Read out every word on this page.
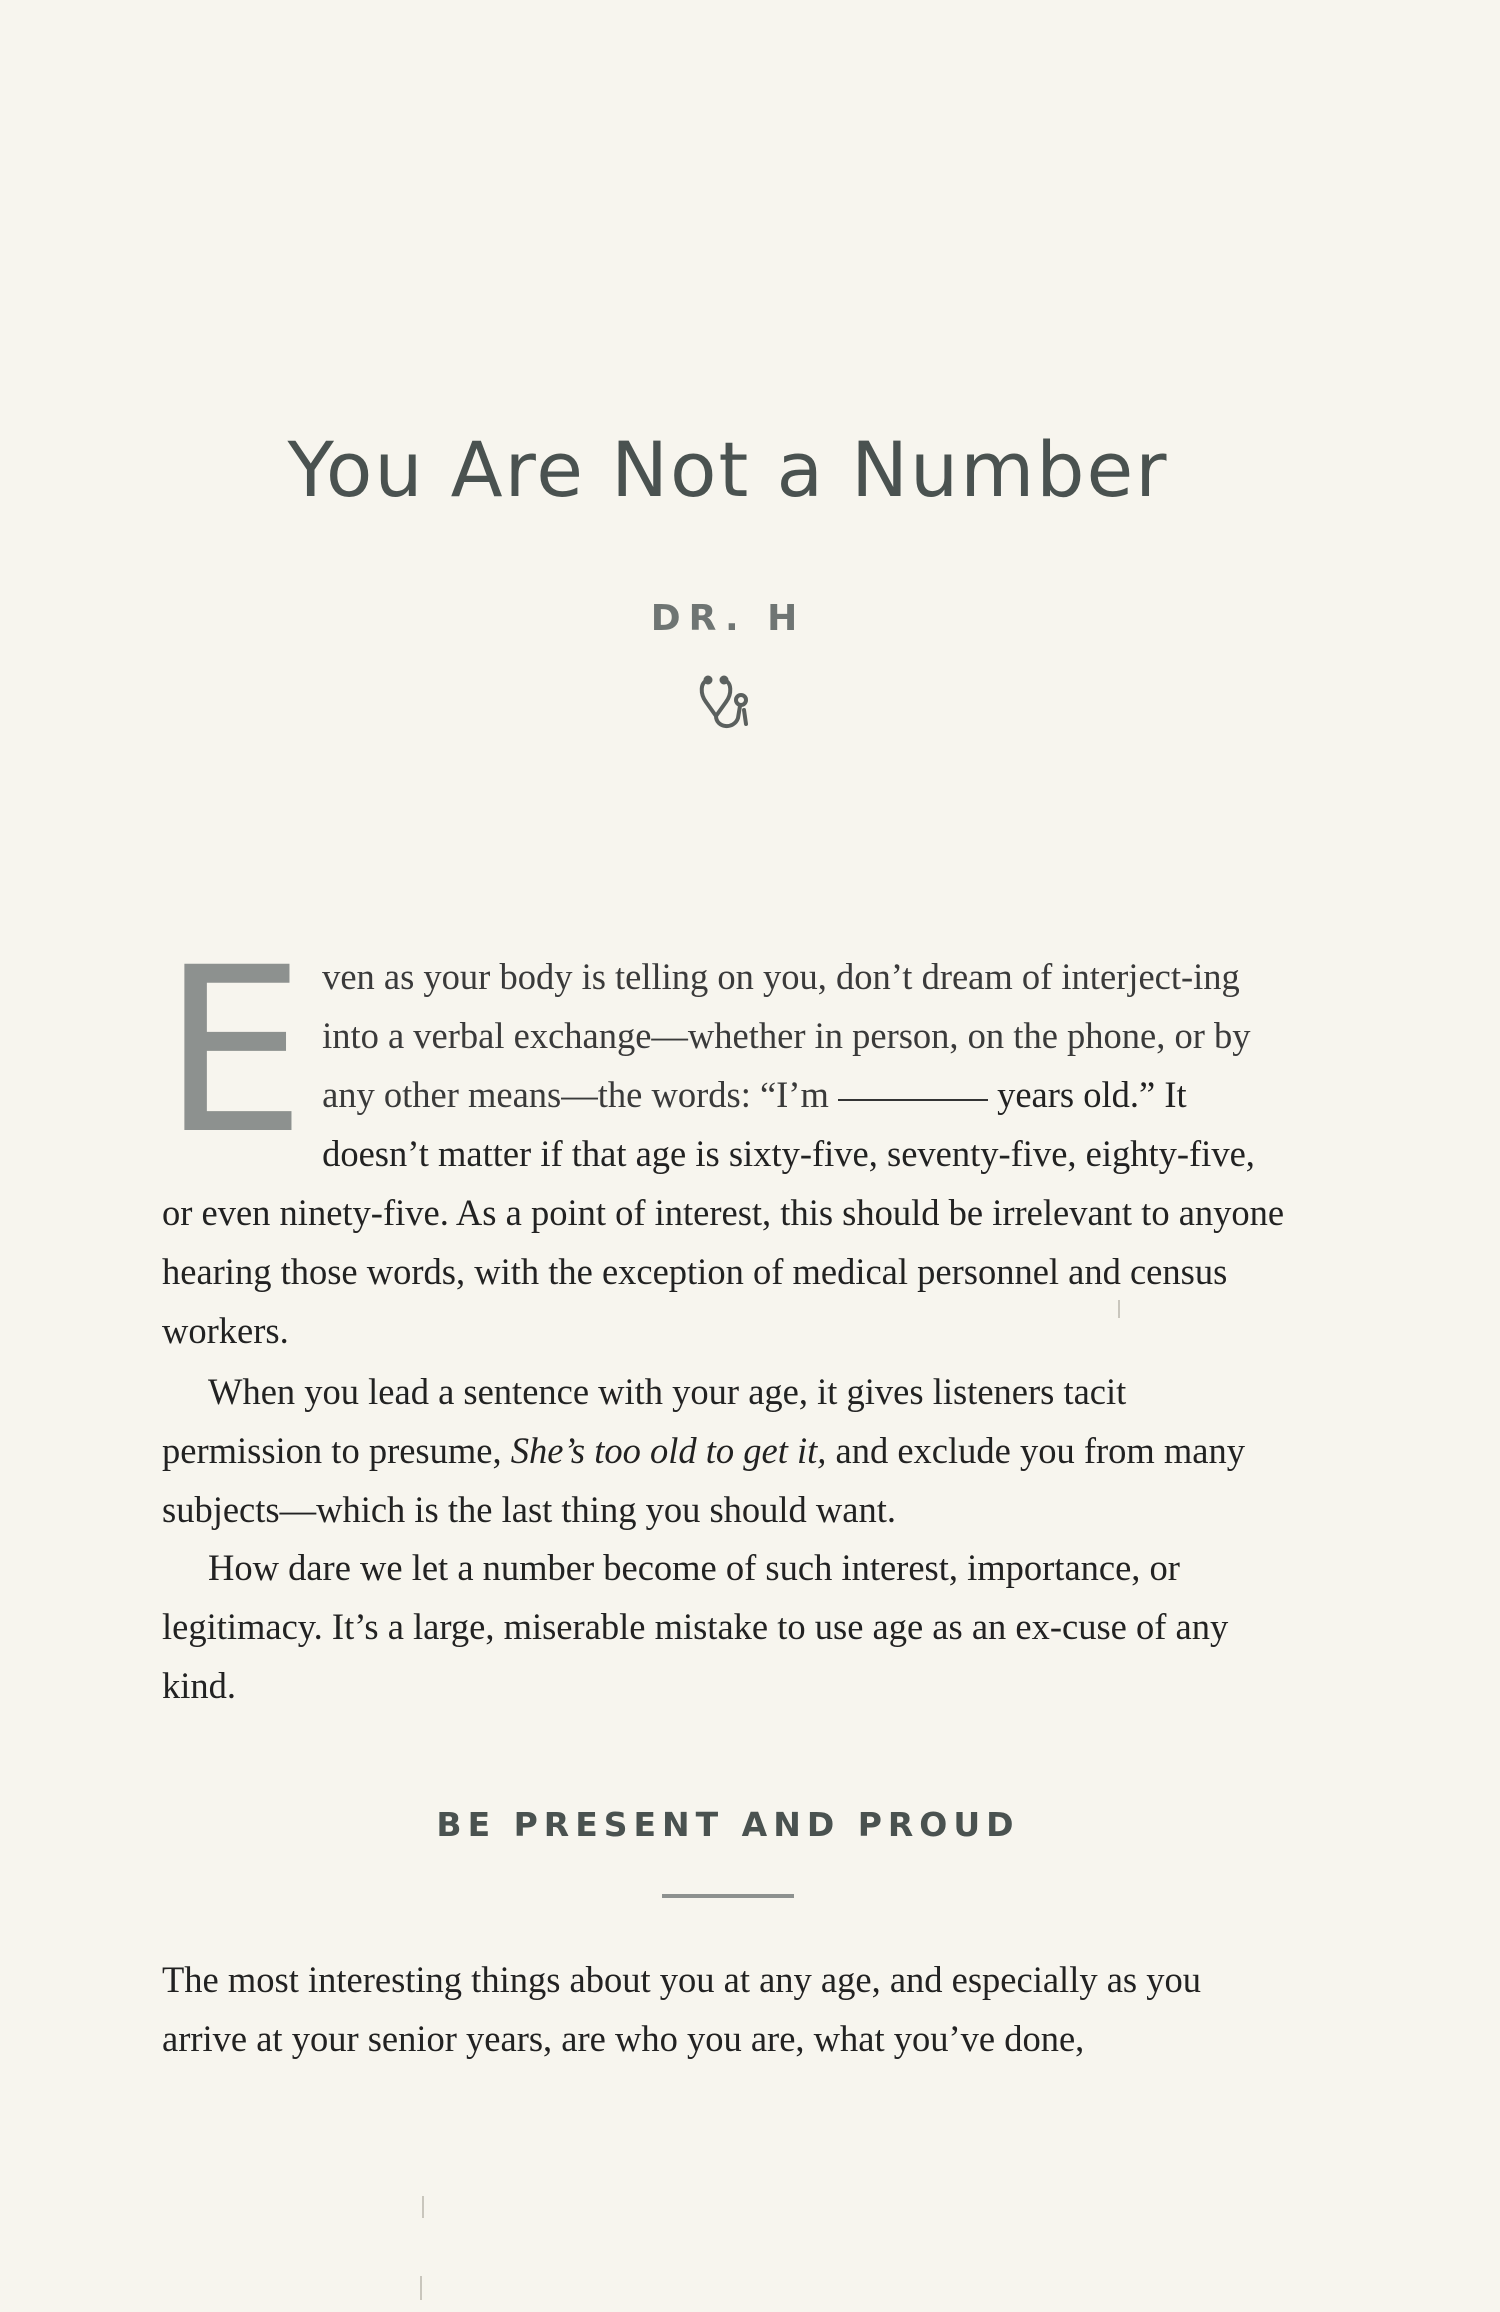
You Are Not a Number
DR. H

E ven as your body is telling on you, don’t dream of interject-ing into a verbal exchange—whether in person, on the phone, or by any other means—the words: “I’m	years old.” It doesn’t matter if that age is sixty-five, seventy-five, eighty-five, or even ninety-five. As a point of interest, this should be irrelevant to anyone hearing those words, with the exception of medical personnel and census workers.

When you lead a sentence with your age, it gives listeners tacit permission to presume, She’s too old to get it, and exclude you from many subjects—which is the last thing you should want.

How dare we let a number become of such interest, importance, or legitimacy. It’s a large, miserable mistake to use age as an ex-cuse of any kind.

BE PRESENT AND PROUD

The most interesting things about you at any age, and especially as you arrive at your senior years, are who you are, what you’ve done,
